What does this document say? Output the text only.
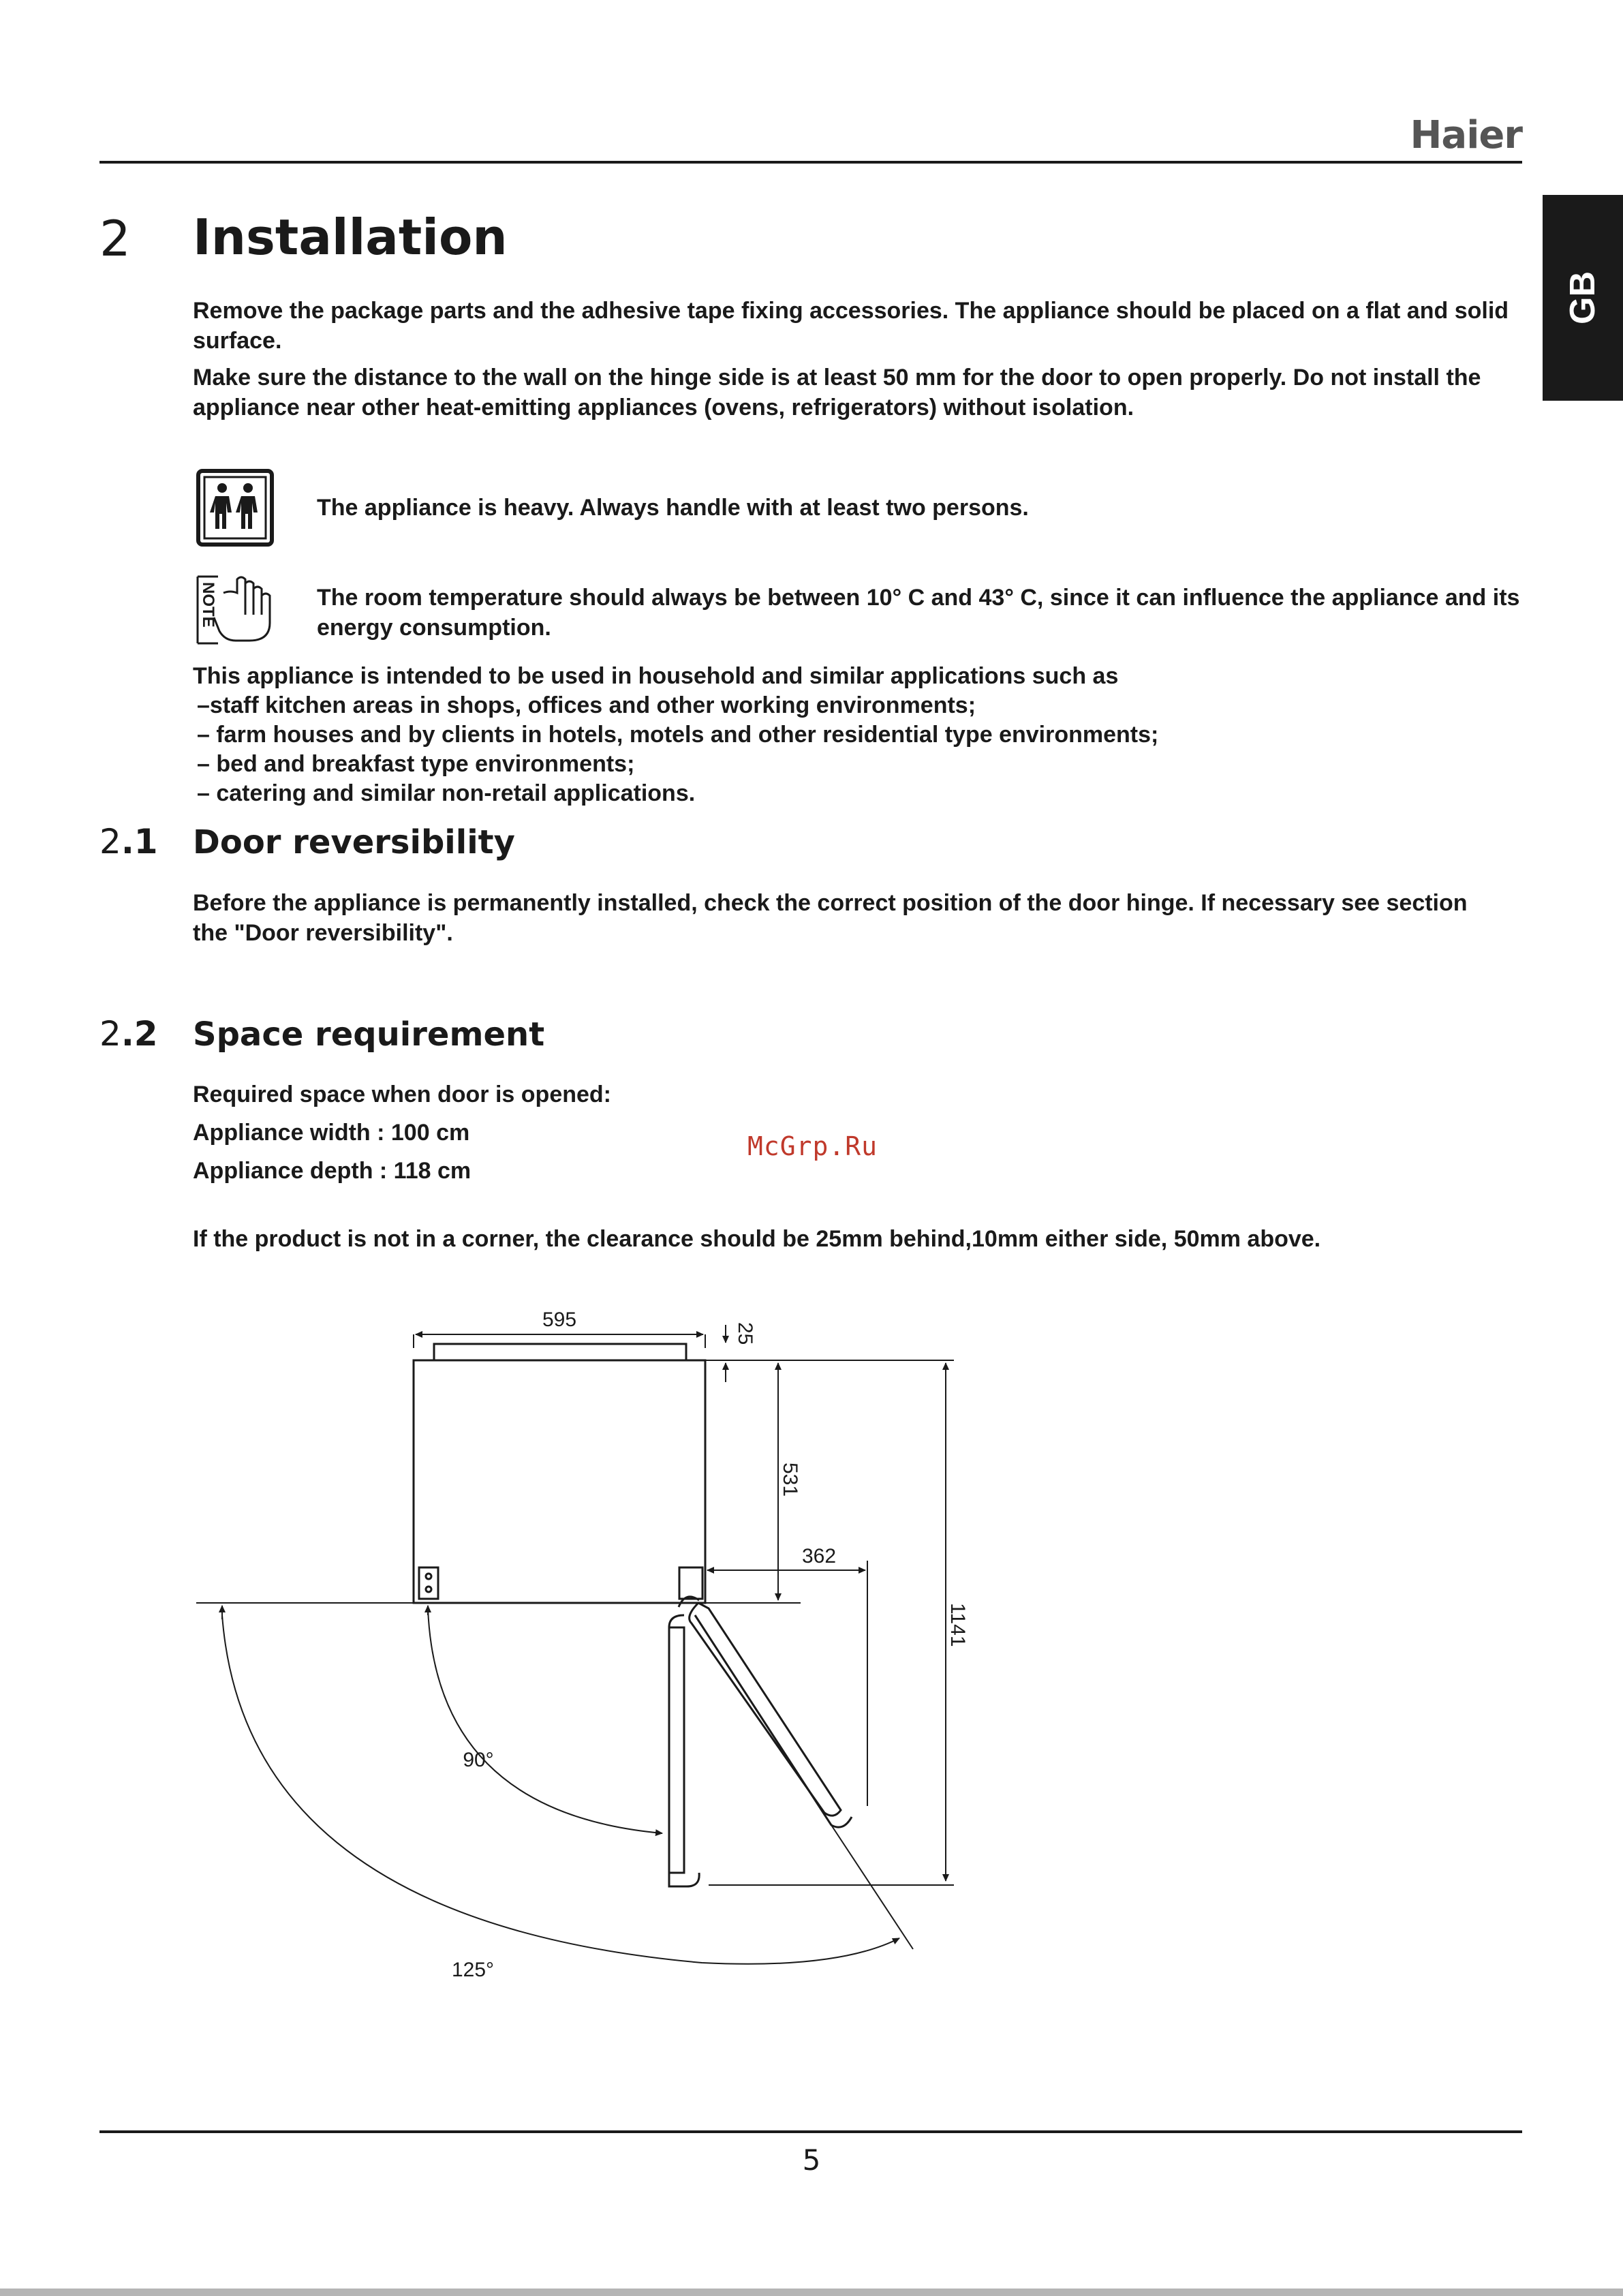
Haier
GB
2 Installation

Remove the package parts and the adhesive tape fixing accessories. The appliance should be placed on a flat and solid surface.

Make sure the distance to the wall on the hinge side is at least 50 mm for the door to open properly. Do not install the appliance near other heat-emitting appliances (ovens, refrigerators) without isolation.

The appliance is heavy. Always handle with at least two persons.

NOTE	The room temperature should always be between 10° C and 43° C, since it can influence the appliance and its energy consumption.

This appliance is intended to be used in household and similar applications such as

–staff kitchen areas in shops, offices and other working environments;
– farm houses and by clients in hotels, motels and other residential type environments;
– bed and breakfast type environments;
– catering and similar non-retail applications.
2.1 Door reversibility

Before the appliance is permanently installed, check the correct position of the door hinge. If necessary see section the "Door reversibility".

2.2 Space requirement

Required space when door is opened:

Appliance width : 100 cm

Appliance depth : 118 cm

If the product is not in a corner, the clearance should be 25mm behind,10mm either side, 50mm above.

McGrp.Ru
595
25
531
362
1141
90°
125°
5
